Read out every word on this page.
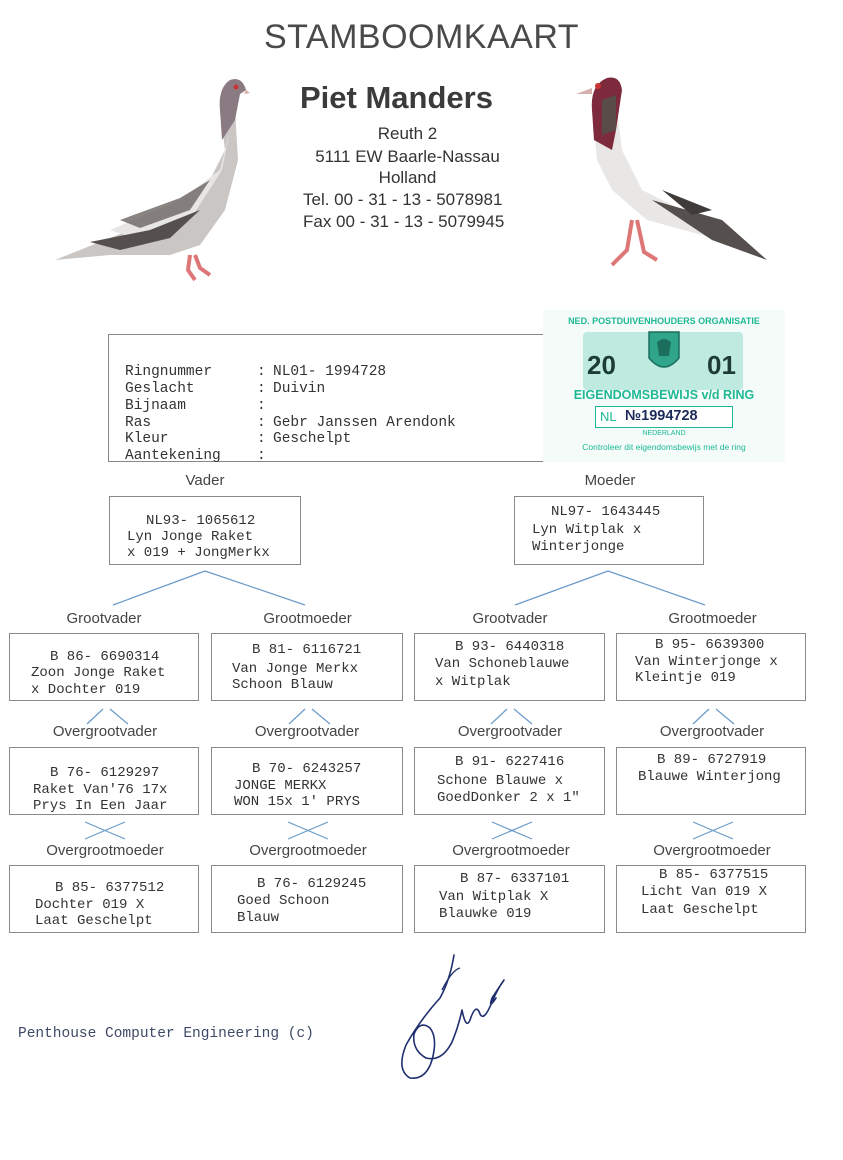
STAMBOOMKAART
Piet Manders
Reuth 2
5111 EW Baarle-Nassau
Holland
Tel. 00 - 31 - 13 - 5078981
Fax 00 - 31 - 13 - 5079945
Ringnummer	: NL01- 1994728
Geslacht	: Duivin
Bijnaam	:
Ras	: Gebr Janssen Arendonk
Kleur	: Geschelpt
Aantekening	:
NED. POSTDUIVENHOUDERS ORGANISATIE
20	01
EIGENDOMSBEWIJS v/d RING
NL №1994728
NEDERLAND
Controleer dit eigendomsbewijs met de ring
Vader	Moeder

NL93- 1065612

Lyn Jonge Raket

x 019 + JongMerkx

NL97- 1643445

Lyn Witplak x

Winterjonge

Grootvader	Grootmoeder	Grootvader	Grootmoeder

B 86- 6690314

Zoon Jonge Raket

x Dochter 019

B 81- 6116721

Van Jonge Merkx

Schoon Blauw

B 93- 6440318

Van Schoneblauwe

x Witplak

B 95- 6639300

Van Winterjonge x

Kleintje 019

Overgrootvader	Overgrootvader	Overgrootvader	Overgrootvader

B 76- 6129297

Raket Van'76 17x

Prys In Een Jaar

B 70- 6243257

JONGE MERKX

WON 15x 1' PRYS

B 91- 6227416

Schone Blauwe x

GoedDonker 2 x 1"

B 89- 6727919

Blauwe Winterjong

Overgrootmoeder	Overgrootmoeder	Overgrootmoeder	Overgrootmoeder

B 85- 6377512

Dochter 019 X

Laat Geschelpt

B 76- 6129245

Goed Schoon

Blauw

B 87- 6337101

Van Witplak X

Blauwke 019

B 85- 6377515

Licht Van 019 X

Laat Geschelpt

Penthouse Computer Engineering (c)
